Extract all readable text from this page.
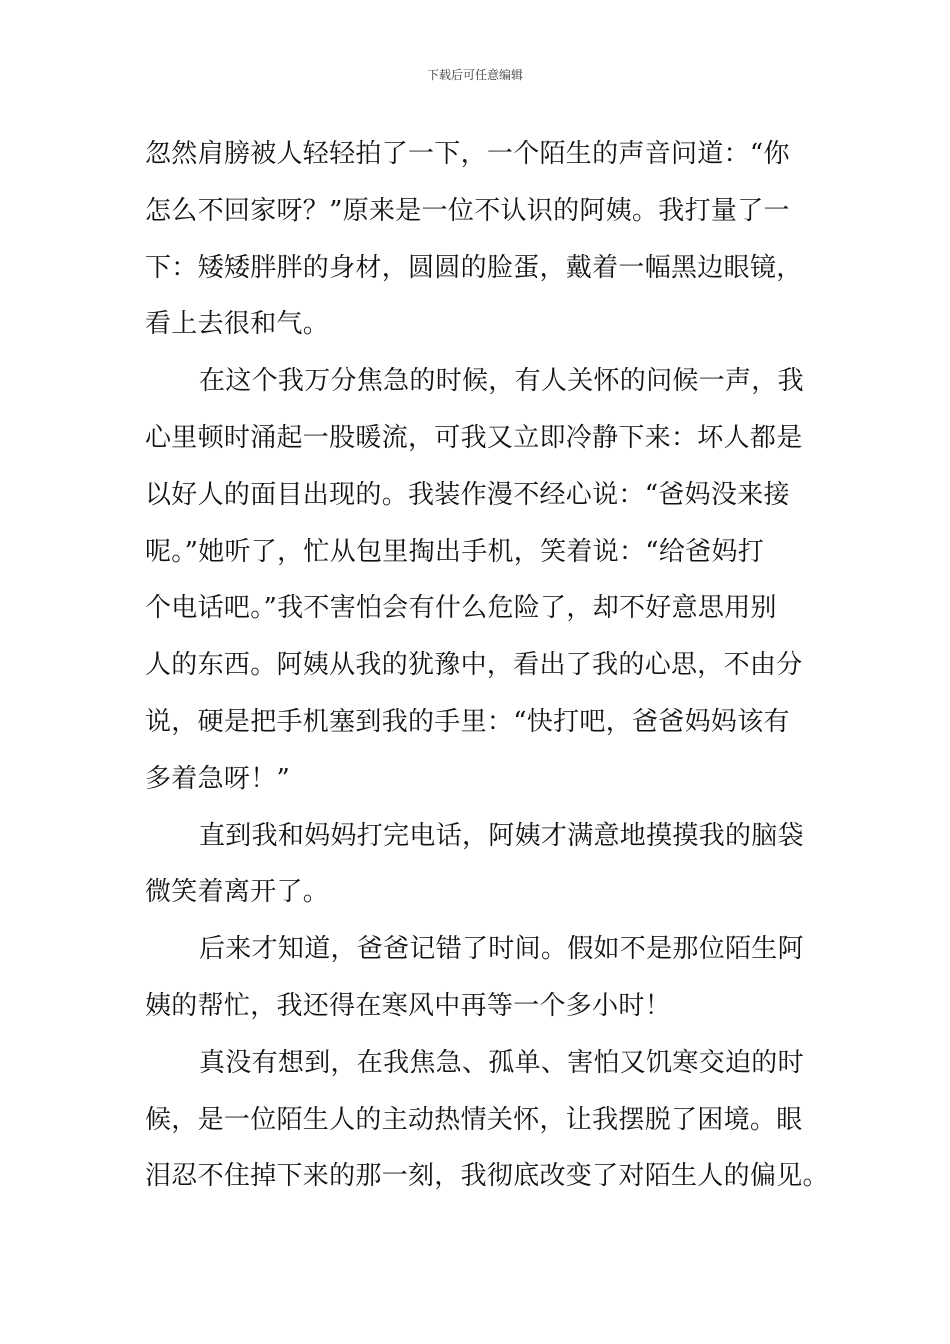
下载后可任意编辑
忽然肩膀被人轻轻拍了一下，一个陌生的声音问道：“你
怎么不回家呀？”原来是一位不认识的阿姨。我打量了一
下：矮矮胖胖的身材，圆圆的脸蛋，戴着一幅黑边眼镜，
看上去很和气。
在这个我万分焦急的时候，有人关怀的问候一声，我
心里顿时涌起一股暖流，可我又立即冷静下来：坏人都是
以好人的面目出现的。我装作漫不经心说：“爸妈没来接
呢。”她听了，忙从包里掏出手机，笑着说：“给爸妈打
个电话吧。”我不害怕会有什么危险了，却不好意思用别
人的东西。阿姨从我的犹豫中，看出了我的心思，不由分
说，硬是把手机塞到我的手里：“快打吧，爸爸妈妈该有
多着急呀！”
直到我和妈妈打完电话，阿姨才满意地摸摸我的脑袋
微笑着离开了。
后来才知道，爸爸记错了时间。假如不是那位陌生阿
姨的帮忙，我还得在寒风中再等一个多小时！
真没有想到，在我焦急、孤单、害怕又饥寒交迫的时
候，是一位陌生人的主动热情关怀，让我摆脱了困境。眼
泪忍不住掉下来的那一刻，我彻底改变了对陌生人的偏见。
